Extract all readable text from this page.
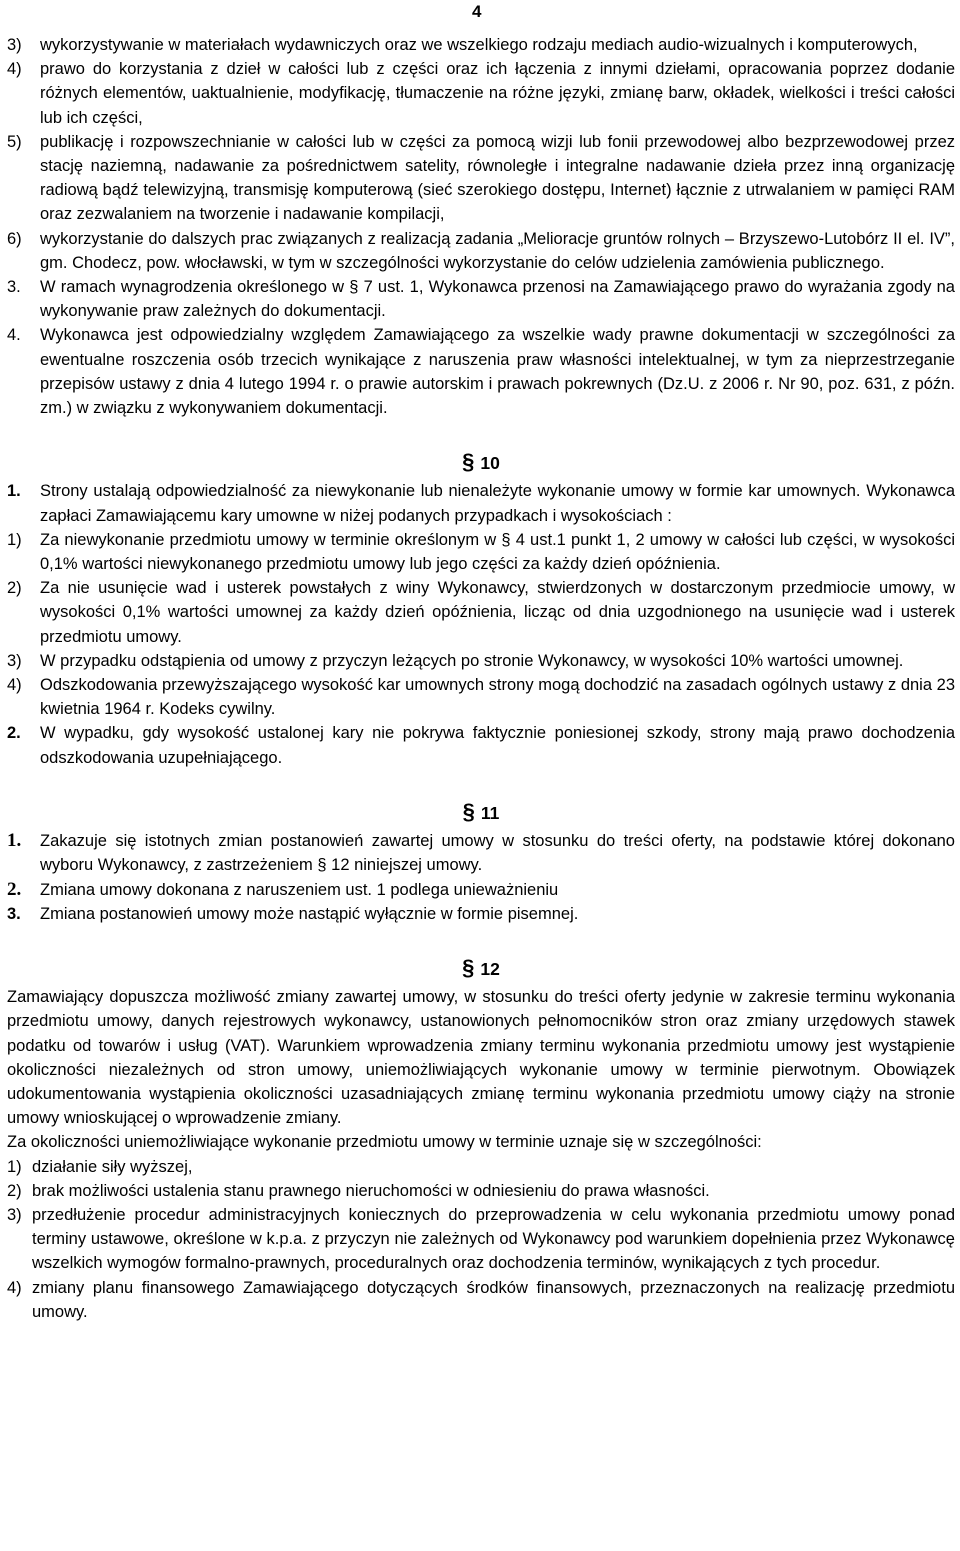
4
3)	wykorzystywanie w materiałach wydawniczych oraz we wszelkiego rodzaju mediach audio-wizualnych i komputerowych,
4)	prawo do korzystania z dzieł w całości lub z części oraz ich łączenia z innymi dziełami, opracowania poprzez dodanie różnych elementów, uaktualnienie, modyfikację, tłumaczenie na różne języki, zmianę barw, okładek, wielkości i treści całości lub ich części,
5)	publikację i rozpowszechnianie w całości lub w części za pomocą wizji lub fonii przewodowej albo bezprzewodowej przez stację naziemną, nadawanie za pośrednictwem satelity, równoległe i integralne nadawanie dzieła przez inną organizację radiową bądź telewizyjną, transmisję komputerową (sieć szerokiego dostępu, Internet) łącznie z utrwalaniem w pamięci RAM oraz zezwalaniem na tworzenie i nadawanie kompilacji,
6)	wykorzystanie do dalszych prac związanych z realizacją zadania „Melioracje gruntów rolnych – Brzyszewo-Lutobórz II el. IV”, gm. Chodecz, pow. włocławski, w tym w szczególności wykorzystanie do celów udzielenia zamówienia publicznego.
3.	W ramach wynagrodzenia określonego w § 7 ust. 1, Wykonawca przenosi na Zamawiającego prawo do wyrażania zgody na wykonywanie praw zależnych do dokumentacji.
4.	Wykonawca jest odpowiedzialny względem Zamawiającego za wszelkie wady prawne dokumentacji w szczególności za ewentualne roszczenia osób trzecich wynikające z naruszenia praw własności intelektualnej, w tym za nieprzestrzeganie przepisów ustawy z dnia 4 lutego 1994 r. o prawie autorskim i prawach pokrewnych (Dz.U. z 2006 r. Nr 90, poz. 631, z późn. zm.) w związku z wykonywaniem dokumentacji.
§ 10
1.	Strony ustalają odpowiedzialność za niewykonanie lub nienależyte wykonanie umowy w formie kar umownych. Wykonawca zapłaci Zamawiającemu kary umowne w niżej podanych przypadkach i wysokościach :
1)	Za niewykonanie przedmiotu umowy w terminie określonym w § 4 ust.1 punkt 1, 2 umowy w całości lub części, w wysokości 0,1% wartości niewykonanego przedmiotu umowy lub jego części za każdy dzień opóźnienia.
2)	Za nie usunięcie wad i usterek powstałych z winy Wykonawcy, stwierdzonych w dostarczonym przedmiocie umowy, w wysokości 0,1% wartości umownej za każdy dzień opóźnienia, licząc od dnia uzgodnionego na usunięcie wad i usterek przedmiotu umowy.
3)	W przypadku odstąpienia od umowy z przyczyn leżących po stronie Wykonawcy, w wysokości 10% wartości umownej.
4)	Odszkodowania przewyższającego wysokość kar umownych strony mogą dochodzić na zasadach ogólnych ustawy z dnia 23 kwietnia 1964 r. Kodeks cywilny.
2.	W wypadku, gdy wysokość ustalonej kary nie pokrywa faktycznie poniesionej szkody, strony mają prawo dochodzenia odszkodowania uzupełniającego.
§ 11
1.	Zakazuje się istotnych zmian postanowień zawartej umowy w stosunku do treści oferty, na podstawie której dokonano wyboru Wykonawcy, z zastrzeżeniem § 12 niniejszej umowy.
2.	Zmiana umowy dokonana z naruszeniem ust. 1 podlega unieważnieniu
3.	Zmiana postanowień umowy może nastąpić wyłącznie w formie pisemnej.
§ 12

Zamawiający dopuszcza możliwość zmiany zawartej umowy, w stosunku do treści oferty jedynie w zakresie terminu wykonania przedmiotu umowy, danych rejestrowych wykonawcy, ustanowionych pełnomocników stron oraz zmiany urzędowych stawek podatku od towarów i usług (VAT). Warunkiem wprowadzenia zmiany terminu wykonania przedmiotu umowy jest wystąpienie okoliczności niezależnych od stron umowy, uniemożliwiających wykonanie umowy w terminie pierwotnym. Obowiązek udokumentowania wystąpienia okoliczności uzasadniających zmianę terminu wykonania przedmiotu umowy ciąży na stronie umowy wnioskującej o wprowadzenie zmiany.

Za okoliczności uniemożliwiające wykonanie przedmiotu umowy w terminie uznaje się w szczególności:

1) działanie siły wyższej,
2) brak możliwości ustalenia stanu prawnego nieruchomości w odniesieniu do prawa własności.
3) przedłużenie procedur administracyjnych koniecznych do przeprowadzenia w celu wykonania przedmiotu umowy ponad terminy ustawowe, określone w k.p.a. z przyczyn nie zależnych od Wykonawcy pod warunkiem dopełnienia przez Wykonawcę wszelkich wymogów formalno-prawnych, proceduralnych oraz dochodzenia terminów, wynikających z tych procedur.
4) zmiany planu finansowego Zamawiającego dotyczących środków finansowych, przeznaczonych na realizację przedmiotu umowy.
